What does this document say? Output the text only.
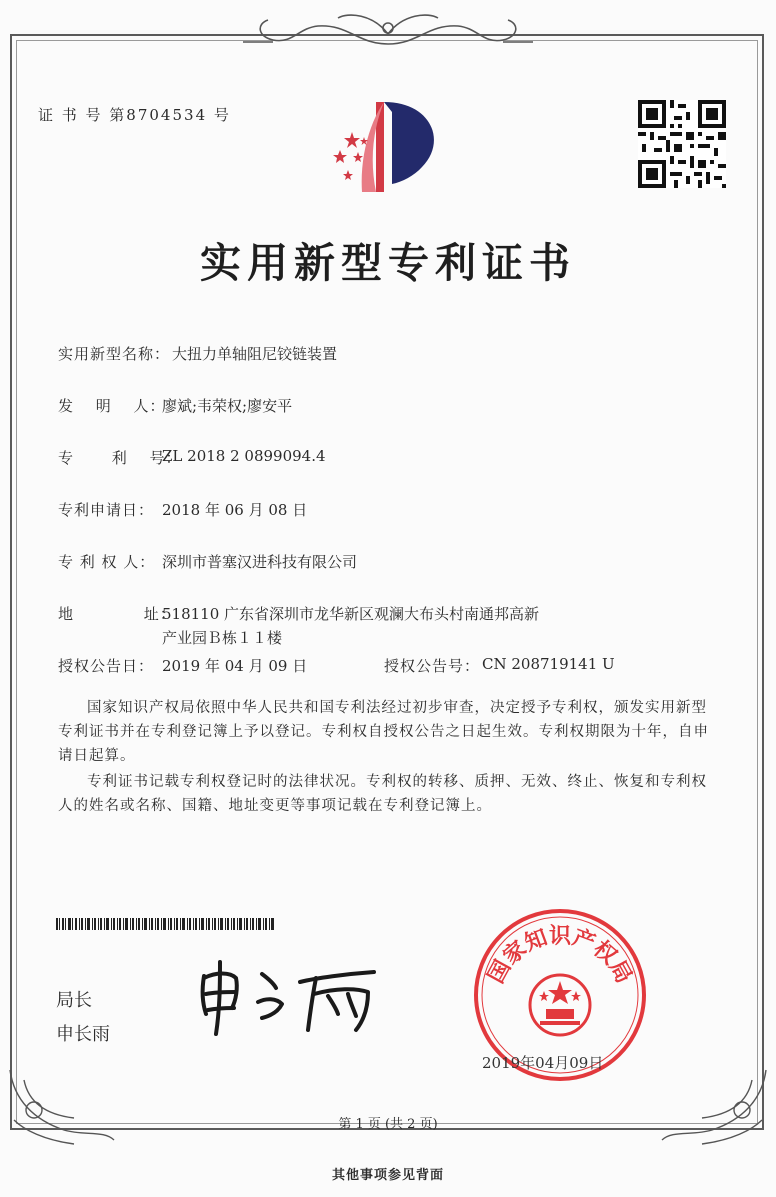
证 书 号 第8704534 号
实用新型专利证书
实用新型名称： 大扭力单轴阻尼铰链装置
发　 明　 人：
廖斌;韦荣权;廖安平
专　　 利　 号：
ZL 2018 2 0899094.4
专利申请日： 2018 年 06 月 08 日
专 利 权 人： 深圳市普塞汉进科技有限公司
地　　　　 址：
518110 广东省深圳市龙华新区观澜大布头村南通邦高新
产业园Ｂ栋１１楼
授权公告日： 2019 年 04 月 09 日	授权公告号： CN 208719141 U
国家知识产权局依照中华人民共和国专利法经过初步审查，决定授予专利权，颁发实用新型专利证书并在专利登记簿上予以登记。专利权自授权公告之日起生效。专利权期限为十年，自申请日起算。
专利证书记载专利权登记时的法律状况。专利权的转移、质押、无效、终止、恢复和专利权人的姓名或名称、国籍、地址变更等事项记载在专利登记簿上。
局长
申长雨
国家知识产权局
2019年04月09日
第 1 页 (共 2 页)
其他事项参见背面
